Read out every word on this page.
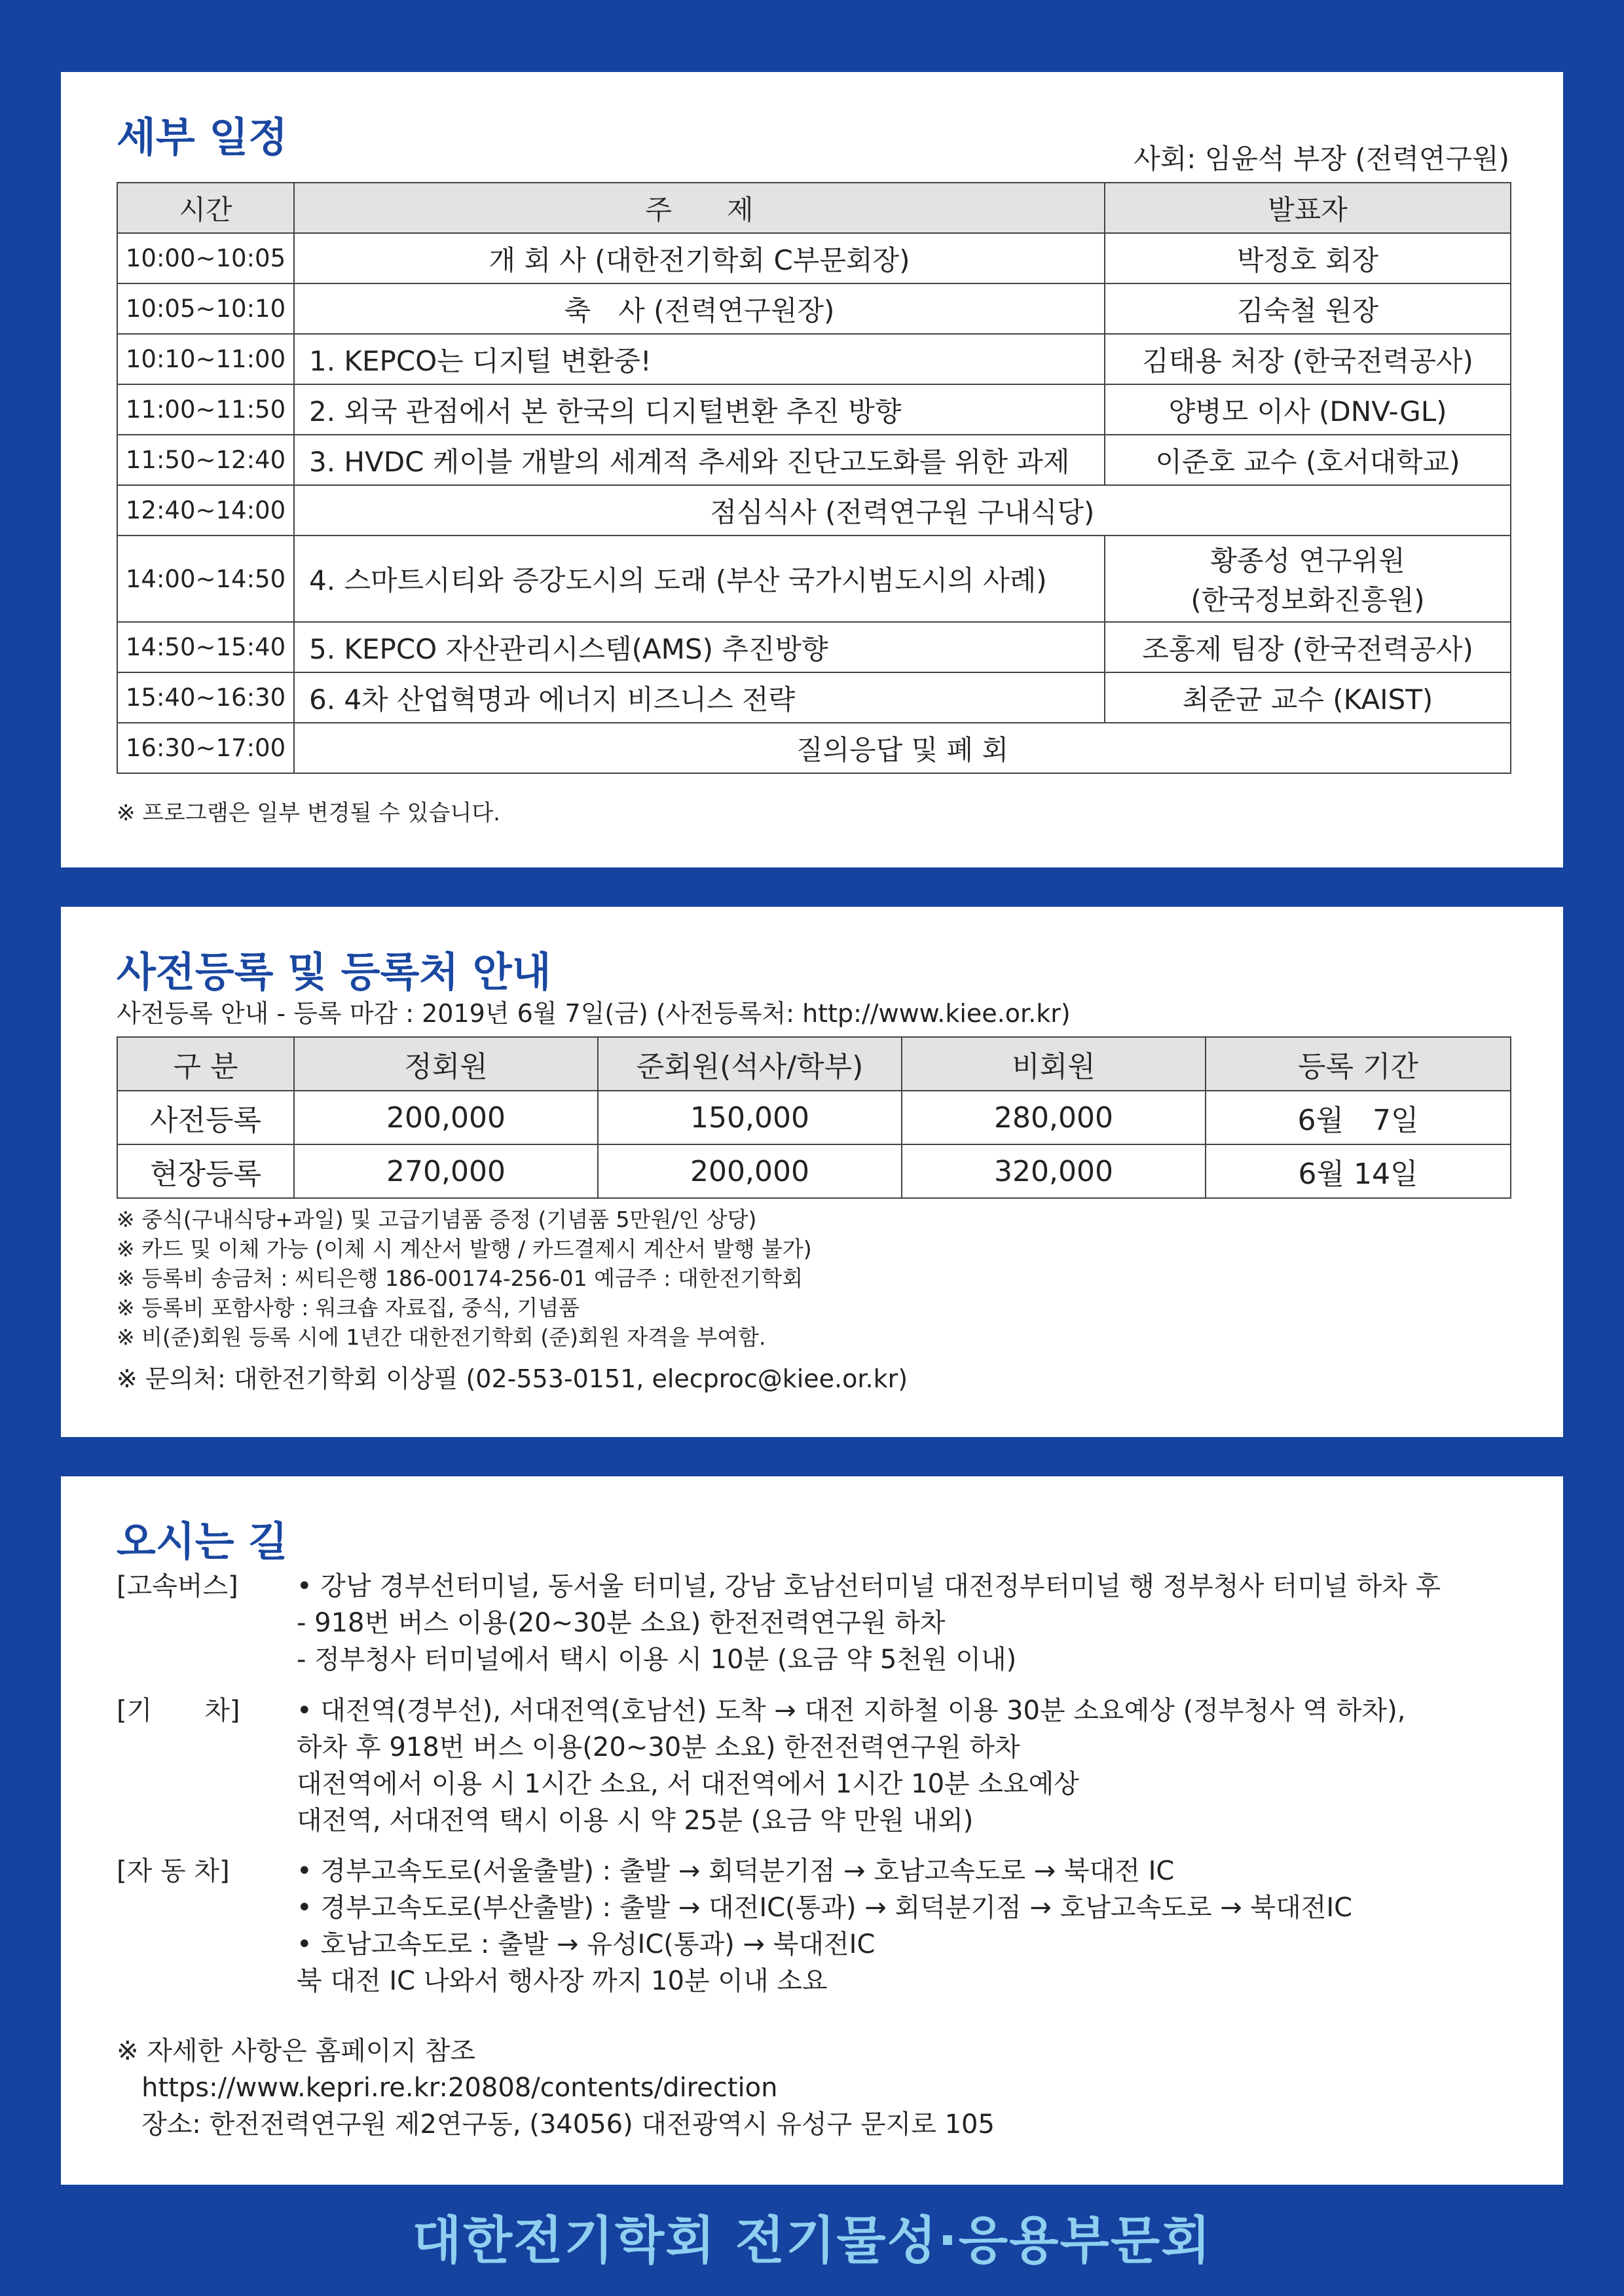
세부 일정	사회: 임윤석 부장 (전력연구원)
시간	주　　제	발표자
10:00~10:05	개 회 사 (대한전기학회 C부문회장)	박정호 회장
10:05~10:10	축　사 (전력연구원장)	김숙철 원장
10:10~11:00	1. KEPCO는 디지털 변환중!	김태용 처장 (한국전력공사)
11:00~11:50	2. 외국 관점에서 본 한국의 디지털변환 추진 방향	양병모 이사 (DNV-GL)
11:50~12:40	3. HVDC 케이블 개발의 세계적 추세와 진단고도화를 위한 과제	이준호 교수 (호서대학교)
12:40~14:00	점심식사 (전력연구원 구내식당)	
14:00~14:50	4. 스마트시티와 증강도시의 도래 (부산 국가시범도시의 사례)	황종성 연구위원
(한국정보화진흥원)

14:50~15:40	5. KEPCO 자산관리시스템(AMS) 추진방향	조홍제 팀장 (한국전력공사)
15:40~16:30	6. 4차 산업혁명과 에너지 비즈니스 전략	최준균 교수 (KAIST)
16:30~17:00	질의응답 및 폐 회	
※ 프로그램은 일부 변경될 수 있습니다.
사전등록 및 등록처 안내
사전등록 안내 - 등록 마감 : 2019년 6월 7일(금) (사전등록처: http://www.kiee.or.kr)
구 분	정회원	준회원(석사/학부)	비회원	등록 기간
사전등록	200,000	150,000	280,000	6월　7일
현장등록	270,000	200,000	320,000	6월 14일
※ 중식(구내식당+과일) 및 고급기념품 증정 (기념품 5만원/인 상당)
※ 카드 및 이체 가능 (이체 시 계산서 발행 / 카드결제시 계산서 발행 불가)
※ 등록비 송금처 : 씨티은행 186-00174-256-01 예금주 : 대한전기학회
※ 등록비 포함사항 : 워크숍 자료집, 중식, 기념품
※ 비(준)회원 등록 시에 1년간 대한전기학회 (준)회원 자격을 부여함.
※ 문의처: 대한전기학회 이상필 (02-553-0151, elecproc@kiee.or.kr)
오시는 길
[고속버스]	• 강남 경부선터미널, 동서울 터미널, 강남 호남선터미널 대전정부터미널 행 정부청사 터미널 하차 후
- 918번 버스 이용(20~30분 소요) 한전전력연구원 하차
- 정부청사 터미널에서 택시 이용 시 10분 (요금 약 5천원 이내)
[기　　차]	• 대전역(경부선), 서대전역(호남선) 도착 → 대전 지하철 이용 30분 소요예상 (정부청사 역 하차),
하차 후 918번 버스 이용(20~30분 소요) 한전전력연구원 하차
대전역에서 이용 시 1시간 소요, 서 대전역에서 1시간 10분 소요예상
대전역, 서대전역 택시 이용 시 약 25분 (요금 약 만원 내외)
[자 동 차]	• 경부고속도로(서울출발) : 출발 → 회덕분기점 → 호남고속도로 → 북대전 IC
• 경부고속도로(부산출발) : 출발 → 대전IC(통과) → 회덕분기점 → 호남고속도로 → 북대전IC
• 호남고속도로 : 출발 → 유성IC(통과) → 북대전IC
북 대전 IC 나와서 행사장 까지 10분 이내 소요
※ 자세한 사항은 홈페이지 참조
https://www.kepri.re.kr:20808/contents/direction
장소: 한전전력연구원 제2연구동, (34056) 대전광역시 유성구 문지로 105
대한전기학회 전기물성·응용부문회
